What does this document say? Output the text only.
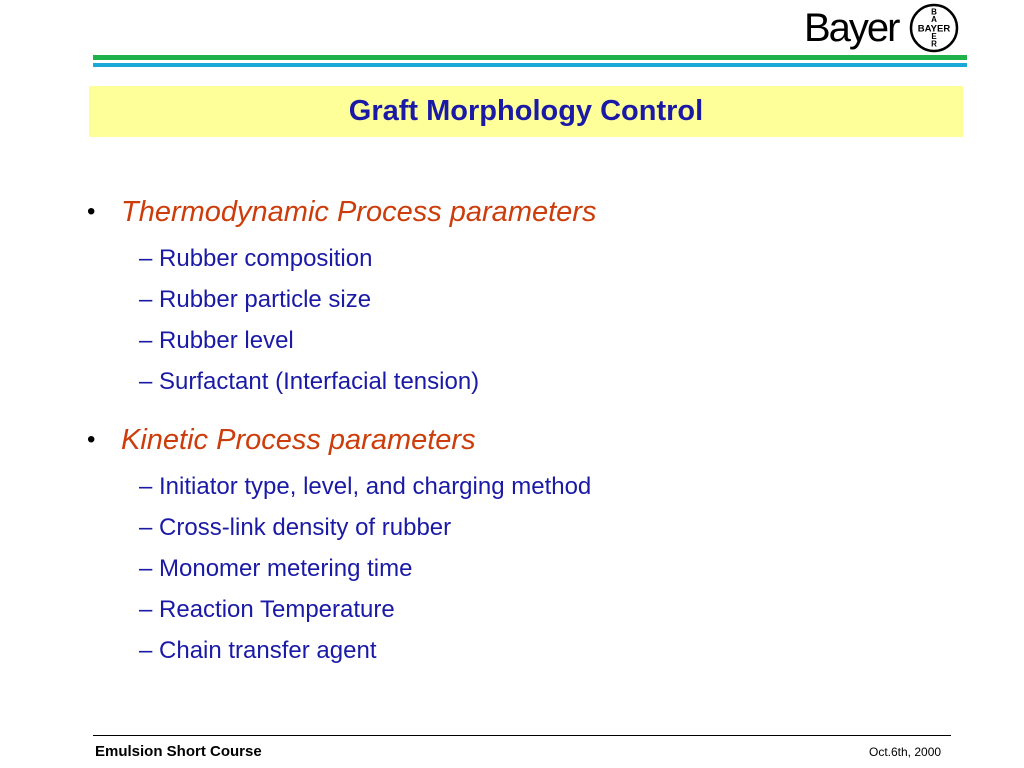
Bayer BAYER
B
A
E
R
Graft Morphology Control
• Thermodynamic Process parameters
– Rubber composition
– Rubber particle size
– Rubber level
– Surfactant (Interfacial tension)
• Kinetic Process parameters
– Initiator type, level, and charging method
– Cross-link density of rubber
– Monomer metering time
– Reaction Temperature
– Chain transfer agent
Emulsion Short Course	Oct.6th, 2000
